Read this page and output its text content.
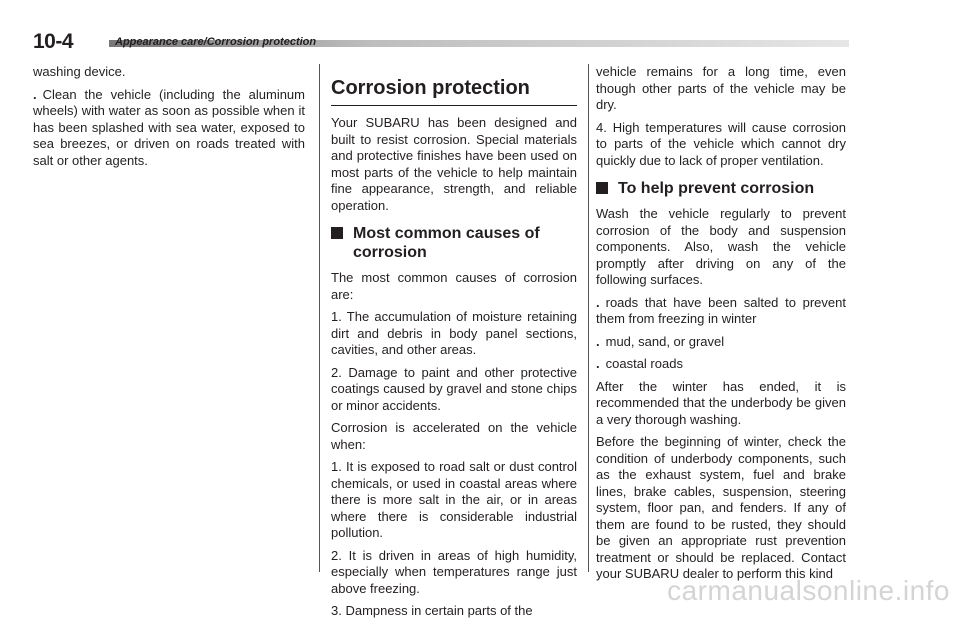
10-4	Appearance care/Corrosion protection

washing device.

. Clean the vehicle (including the aluminum wheels) with water as soon as possible when it has been splashed with sea water, exposed to sea breezes, or driven on roads treated with salt or other agents.

Corrosion protection

Your SUBARU has been designed and built to resist corrosion. Special materials and protective finishes have been used on most parts of the vehicle to help maintain fine appearance, strength, and reliable operation.

Most common causes of corrosion

The most common causes of corrosion are:

1. The accumulation of moisture retaining dirt and debris in body panel sections, cavities, and other areas.

2. Damage to paint and other protective coatings caused by gravel and stone chips or minor accidents.

Corrosion is accelerated on the vehicle when:

1. It is exposed to road salt or dust control chemicals, or used in coastal areas where there is more salt in the air, or in areas where there is considerable industrial pollution.

2. It is driven in areas of high humidity, especially when temperatures range just above freezing.

3. Dampness in certain parts of the

vehicle remains for a long time, even though other parts of the vehicle may be dry.

4. High temperatures will cause corrosion to parts of the vehicle which cannot dry quickly due to lack of proper ventilation.

To help prevent corrosion

Wash the vehicle regularly to prevent corrosion of the body and suspension components. Also, wash the vehicle promptly after driving on any of the following surfaces.

. roads that have been salted to prevent them from freezing in winter

. mud, sand, or gravel

. coastal roads

After the winter has ended, it is recommended that the underbody be given a very thorough washing.

Before the beginning of winter, check the condition of underbody components, such as the exhaust system, fuel and brake lines, brake cables, suspension, steering system, floor pan, and fenders. If any of them are found to be rusted, they should be given an appropriate rust prevention treatment or should be replaced. Contact your SUBARU dealer to perform this kind

carmanualsonline.info
